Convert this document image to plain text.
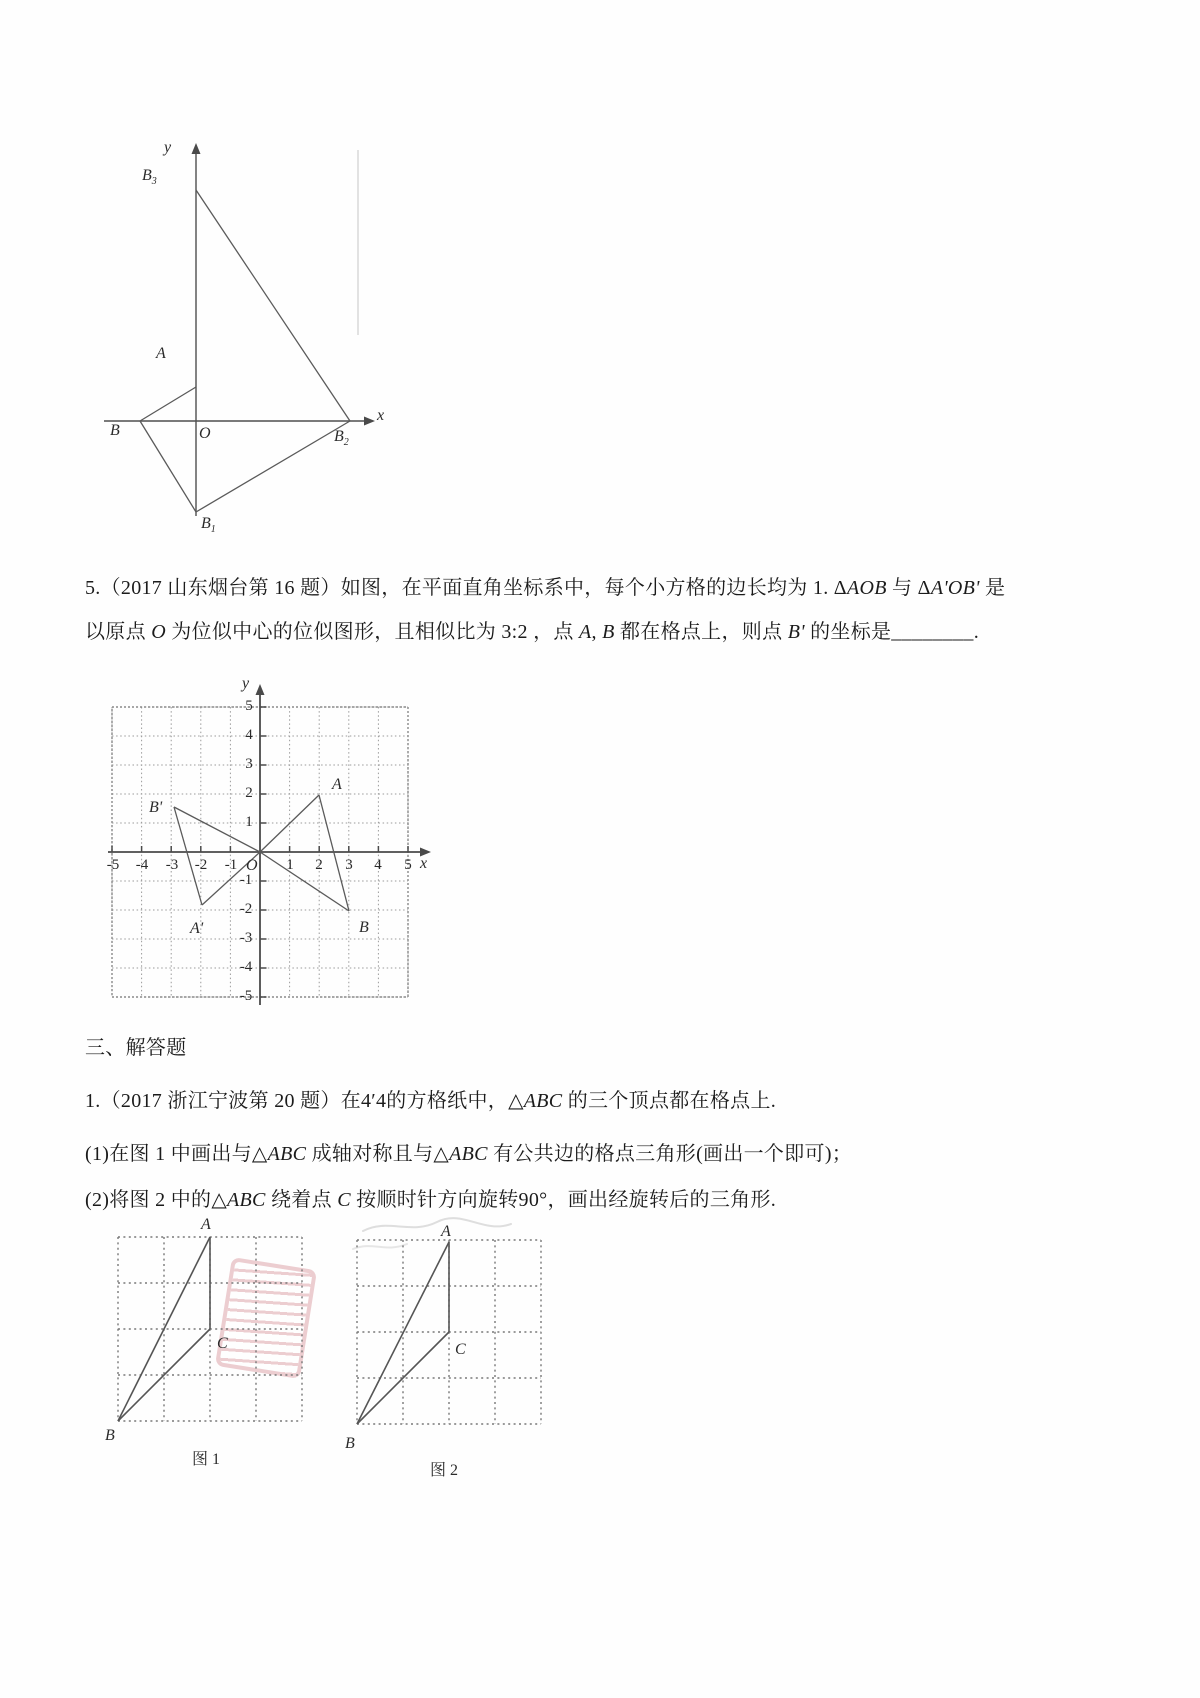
y
$B_3$
A
B	O	$B_2$
x
$B_1$
5.（2017 山东烟台第 16 题）如图，在平面直角坐标系中，每个小方格的边长均为 1. ΔAOB 与 ΔA'OB' 是
以原点 O 为位似中心的位似图形，且相似比为 3:2 ，点 A, B 都在格点上，则点 B' 的坐标是________.
y
x
O
A
B
B'
A'
-5 -4 -3 -2 -1	1 2 3 4 5
5
4
3
2
1
-1
-2
-3
-4
-5
三、解答题
1.（2017 浙江宁波第 20 题）在4′4的方格纸中，△ABC 的三个顶点都在格点上.
(1)在图 1 中画出与△ABC 成轴对称且与△ABC 有公共边的格点三角形(画出一个即可)；
(2)将图 2 中的△ABC 绕着点 C 按顺时针方向旋转90°，画出经旋转后的三角形.
图 1
A
C
B
图 2
A
C
B
